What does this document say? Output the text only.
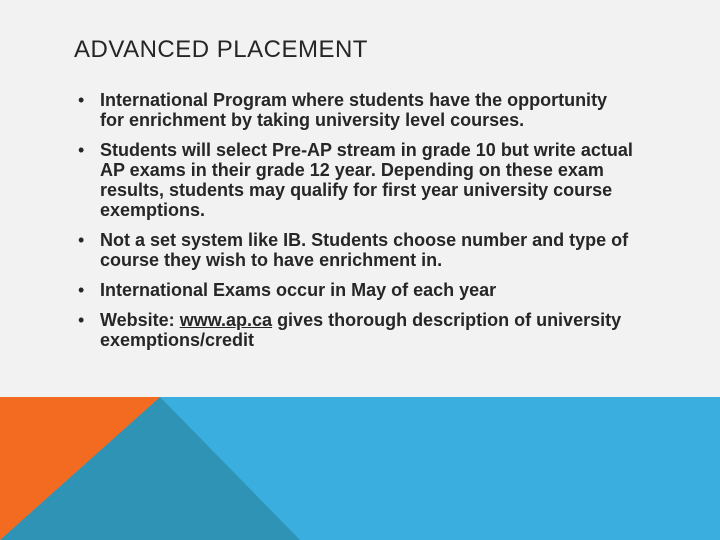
ADVANCED PLACEMENT
• International Program where students have the opportunity for enrichment by taking university level courses.
• Students will select Pre-AP stream in grade 10 but write actual AP exams in their grade 12 year. Depending on these exam results, students may qualify for first year university course exemptions.
• Not a set system like IB. Students choose number and type of course they wish to have enrichment in.
• International Exams occur in May of each year
• Website: www.ap.ca gives thorough description of university exemptions/credit
